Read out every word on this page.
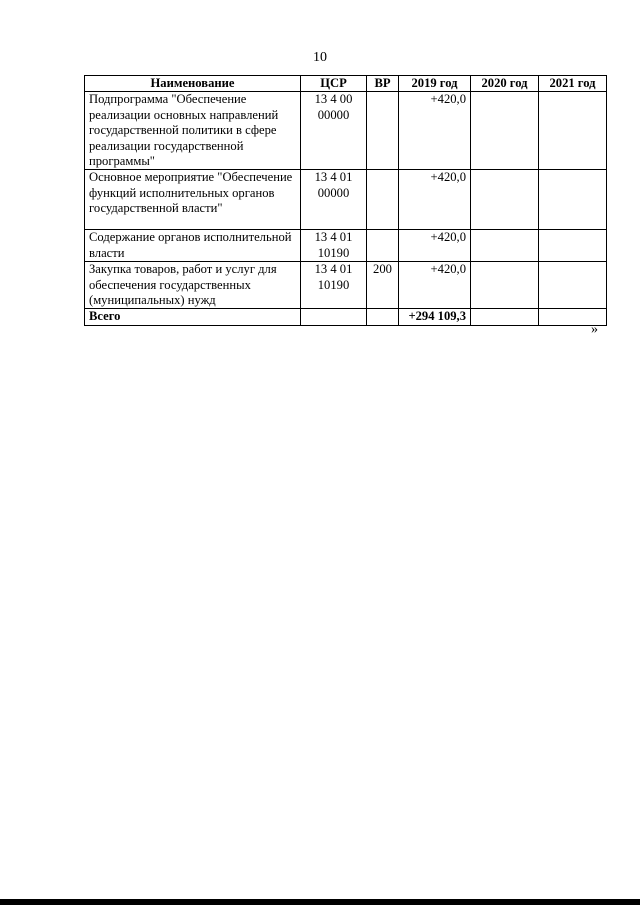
10
Наименование	ЦСР	ВР	2019 год	2020 год	2021 год
Подпрограмма "Обеспечение реализации основных направлений государственной политики в сфере реализации государственной программы"	13 4 00 00000		+420,0		
Основное мероприятие "Обеспечение функций исполнительных органов государственной власти"	13 4 01 00000		+420,0		
Содержание органов исполнительной власти	13 4 01 10190		+420,0		
Закупка товаров, работ и услуг для обеспечения государственных (муниципальных) нужд	13 4 01 10190	200	+420,0		
Всего			+294 109,3		
»
